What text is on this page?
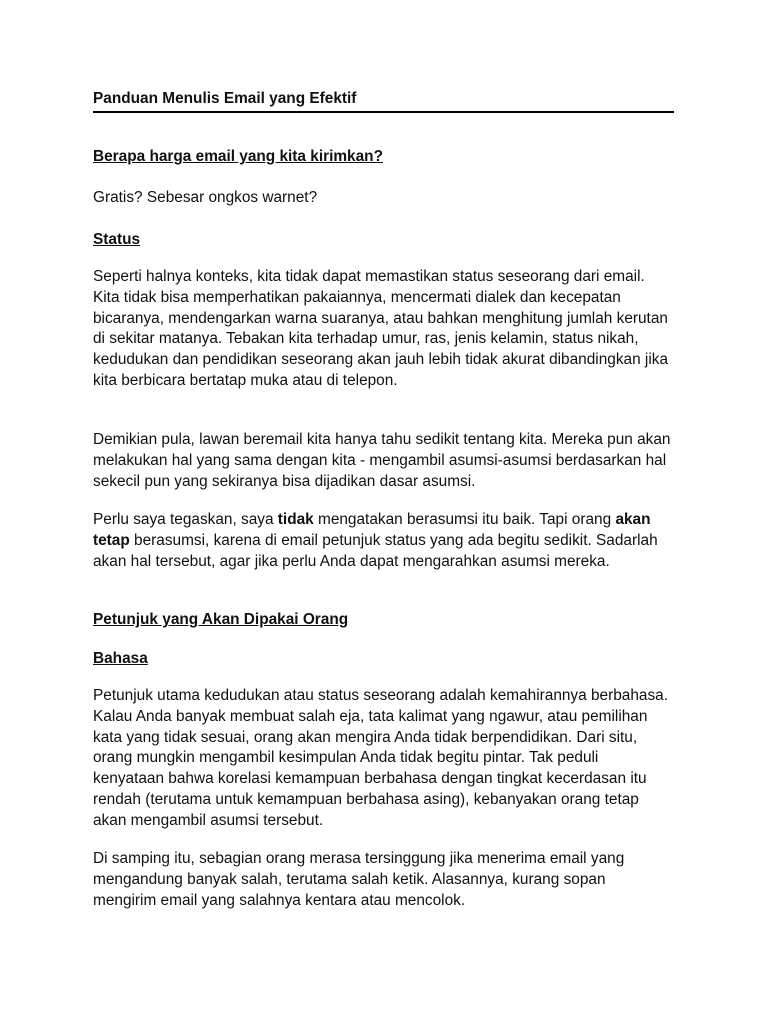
Panduan Menulis Email yang Efektif
Berapa harga email yang kita kirimkan?

Gratis? Sebesar ongkos warnet?

Status

Seperti halnya konteks, kita tidak dapat memastikan status seseorang dari email. Kita tidak bisa memperhatikan pakaiannya, mencermati dialek dan kecepatan bicaranya, mendengarkan warna suaranya, atau bahkan menghitung jumlah kerutan di sekitar matanya. Tebakan kita terhadap umur, ras, jenis kelamin, status nikah, kedudukan dan pendidikan seseorang akan jauh lebih tidak akurat dibandingkan jika kita berbicara bertatap muka atau di telepon.

Demikian pula, lawan beremail kita hanya tahu sedikit tentang kita. Mereka pun akan melakukan hal yang sama dengan kita - mengambil asumsi-asumsi berdasarkan hal sekecil pun yang sekiranya bisa dijadikan dasar asumsi.

Perlu saya tegaskan, saya tidak mengatakan berasumsi itu baik. Tapi orang akan tetap berasumsi, karena di email petunjuk status yang ada begitu sedikit. Sadarlah akan hal tersebut, agar jika perlu Anda dapat mengarahkan asumsi mereka.

Petunjuk yang Akan Dipakai Orang
Bahasa

Petunjuk utama kedudukan atau status seseorang adalah kemahirannya berbahasa. Kalau Anda banyak membuat salah eja, tata kalimat yang ngawur, atau pemilihan kata yang tidak sesuai, orang akan mengira Anda tidak berpendidikan. Dari situ, orang mungkin mengambil kesimpulan Anda tidak begitu pintar. Tak peduli kenyataan bahwa korelasi kemampuan berbahasa dengan tingkat kecerdasan itu rendah (terutama untuk kemampuan berbahasa asing), kebanyakan orang tetap akan mengambil asumsi tersebut.

Di samping itu, sebagian orang merasa tersinggung jika menerima email yang mengandung banyak salah, terutama salah ketik. Alasannya, kurang sopan mengirim email yang salahnya kentara atau mencolok.
